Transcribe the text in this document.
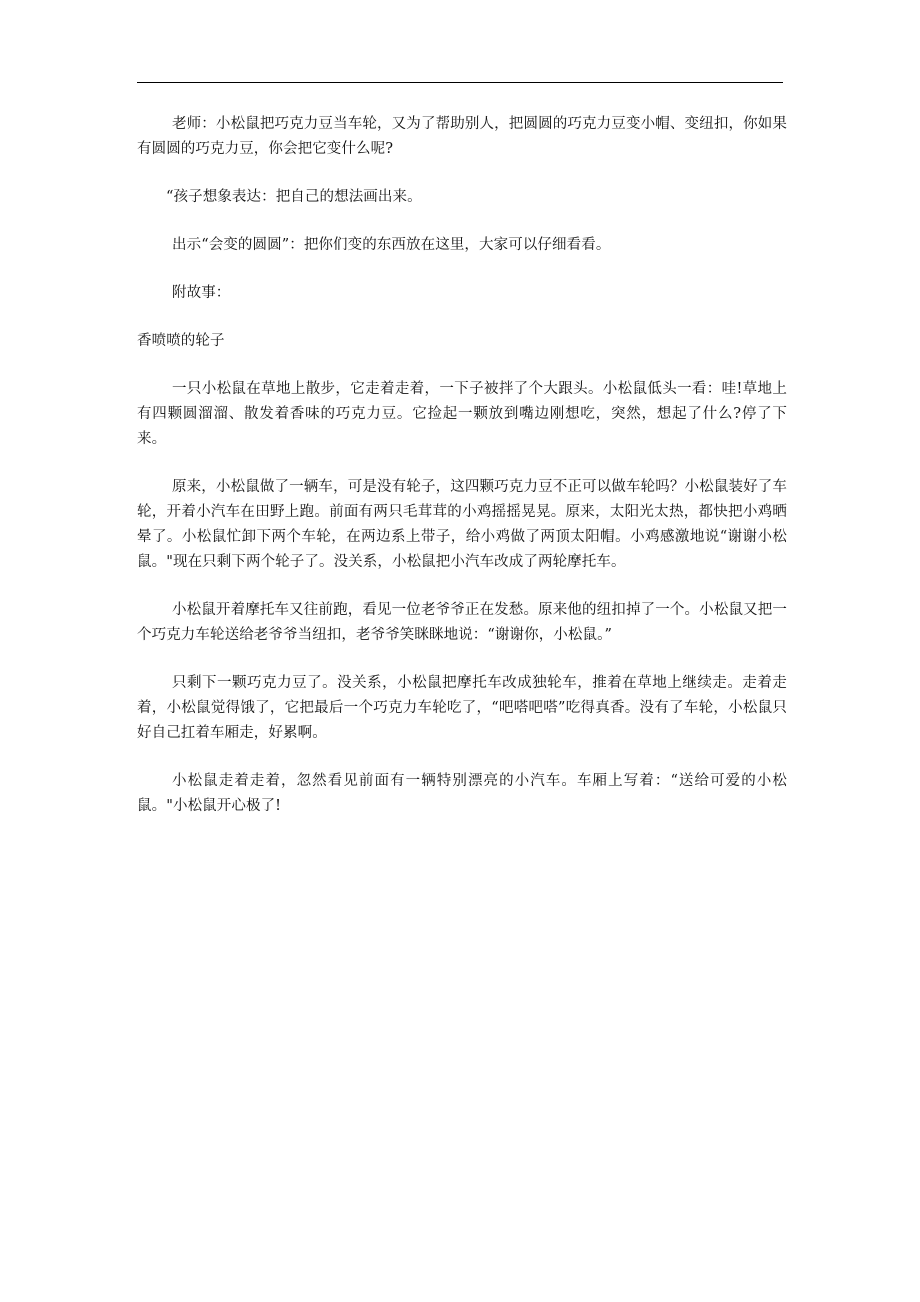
老师：小松鼠把巧克力豆当车轮，又为了帮助别人，把圆圆的巧克力豆变小帽、变纽扣，你如果有圆圆的巧克力豆，你会把它变什么呢?

“孩子想象表达：把自己的想法画出来。

出示“会变的圆圆”：把你们变的东西放在这里，大家可以仔细看看。

附故事：

香喷喷的轮子

一只小松鼠在草地上散步，它走着走着，一下子被拌了个大跟头。小松鼠低头一看：哇!草地上有四颗圆溜溜、散发着香味的巧克力豆。它捡起一颗放到嘴边刚想吃，突然，想起了什么?停了下来。

原来，小松鼠做了一辆车，可是没有轮子，这四颗巧克力豆不正可以做车轮吗？小松鼠装好了车轮，开着小汽车在田野上跑。前面有两只毛茸茸的小鸡摇摇晃晃。原来，太阳光太热，都快把小鸡晒晕了。小松鼠忙卸下两个车轮，在两边系上带子，给小鸡做了两顶太阳帽。小鸡感激地说“谢谢小松鼠。"现在只剩下两个轮子了。没关系，小松鼠把小汽车改成了两轮摩托车。

小松鼠开着摩托车又往前跑，看见一位老爷爷正在发愁。原来他的纽扣掉了一个。小松鼠又把一个巧克力车轮送给老爷爷当纽扣，老爷爷笑眯眯地说：“谢谢你，小松鼠。”

只剩下一颗巧克力豆了。没关系，小松鼠把摩托车改成独轮车，推着在草地上继续走。走着走着，小松鼠觉得饿了，它把最后一个巧克力车轮吃了，“吧嗒吧嗒”吃得真香。没有了车轮，小松鼠只好自己扛着车厢走，好累啊。

小松鼠走着走着，忽然看见前面有一辆特别漂亮的小汽车。车厢上写着：“送给可爱的小松鼠。"小松鼠开心极了!
